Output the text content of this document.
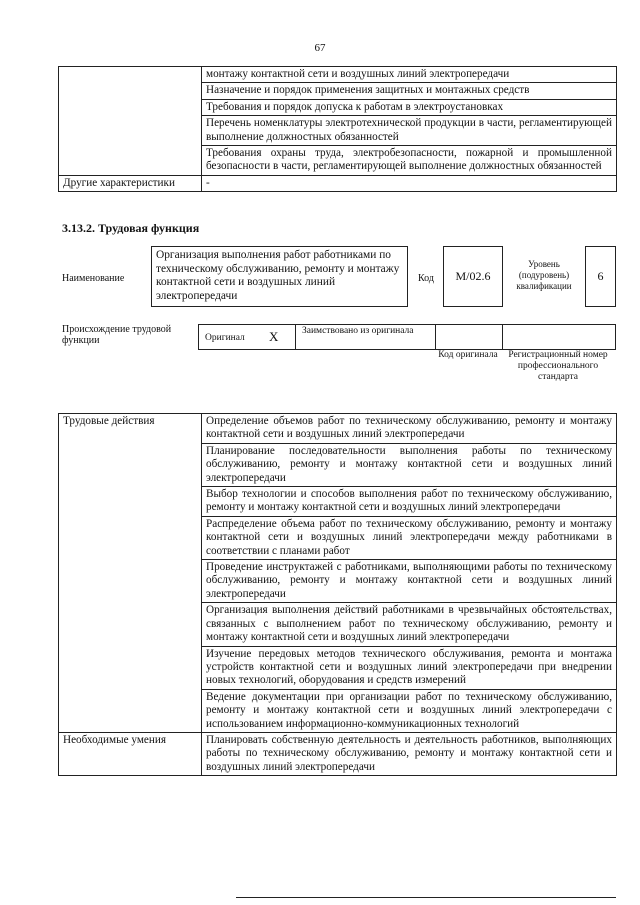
67
	монтажу контактной сети и воздушных линий электропередачи
	Назначение и порядок применения защитных и монтажных средств
	Требования и порядок допуска к работам в электроустановках
	Перечень номенклатуры электротехнической продукции в части, регламентирующей выполнение должностных обязанностей
	Требования охраны труда, электробезопасности, пожарной и промышленной безопасности в части, регламентирующей выполнение должностных обязанностей
Другие характеристики	-
3.13.2. Трудовая функция
Наименование
Организация выполнения работ работниками по техническому обслуживанию, ремонту и монтажу контактной сети и воздушных линий электропередачи
Код M/02.6
Уровень (подуровень) квалификации
6
Происхождение трудовой функции	Оригинал X Заимствовано из оригинала
Код оригинала	Регистрационный номер профессионального стандарта
Трудовые действия	Определение объемов работ по техническому обслуживанию, ремонту и монтажу контактной сети и воздушных линий электропередачи
	Планирование последовательности выполнения работы по техническому обслуживанию, ремонту и монтажу контактной сети и воздушных линий электропередачи
	Выбор технологии и способов выполнения работ по техническому обслуживанию, ремонту и монтажу контактной сети и воздушных линий электропередачи
	Распределение объема работ по техническому обслуживанию, ремонту и монтажу контактной сети и воздушных линий электропередачи между работниками в соответствии с планами работ
	Проведение инструктажей с работниками, выполняющими работы по техническому обслуживанию, ремонту и монтажу контактной сети и воздушных линий электропередачи
	Организация выполнения действий работниками в чрезвычайных обстоятельствах, связанных с выполнением работ по техническому обслуживанию, ремонту и монтажу контактной сети и воздушных линий электропередачи
	Изучение передовых методов технического обслуживания, ремонта и монтажа устройств контактной сети и воздушных линий электропередачи при внедрении новых технологий, оборудования и средств измерений
	Ведение документации при организации работ по техническому обслуживанию, ремонту и монтажу контактной сети и воздушных линий электропередачи с использованием информационно-коммуникационных технологий
Необходимые умения	Планировать собственную деятельность и деятельность работников, выполняющих работы по техническому обслуживанию, ремонту и монтажу контактной сети и воздушных линий электропередачи
